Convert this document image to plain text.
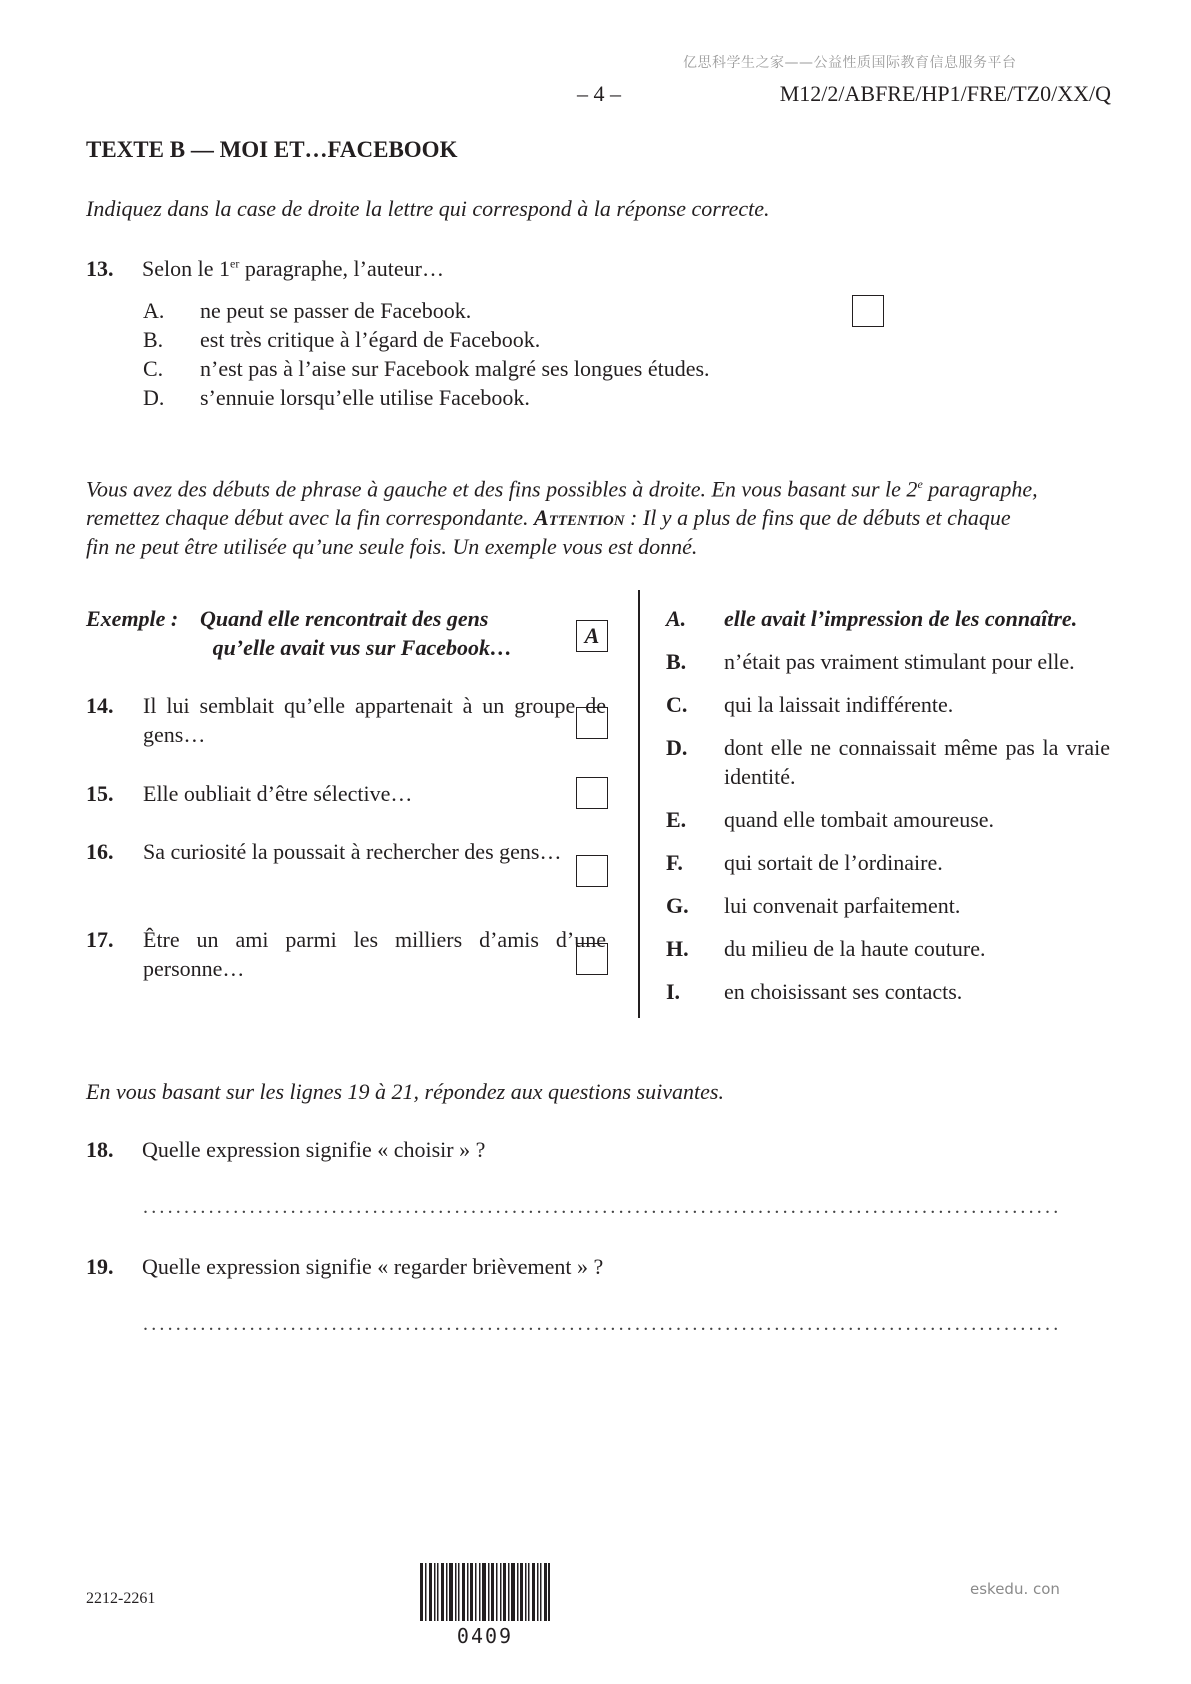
亿思科学生之家——公益性质国际教育信息服务平台
– 4 –	M12/2/ABFRE/HP1/FRE/TZ0/XX/Q
TEXTE B — MOI ET…FACEBOOK
Indiquez dans la case de droite la lettre qui correspond à la réponse correcte.
13. Selon le 1er paragraphe, l’auteur…
A.	ne peut se passer de Facebook.
B.	est très critique à l’égard de Facebook.
C.	n’est pas à l’aise sur Facebook malgré ses longues études.
D.	s’ennuie lorsqu’elle utilise Facebook.
Vous avez des débuts de phrase à gauche et des fins possibles à droite. En vous basant sur le 2e paragraphe,
remettez chaque début avec la fin correspondante. Attention : Il y a plus de fins que de débuts et chaque
fin ne peut être utilisée qu’une seule fois. Un exemple vous est donné.
Exemple : Quand elle rencontrait des gens
qu’elle avait vus sur Facebook…	A
14. Il lui semblait qu’elle appartenait à un groupe de gens…
15. Elle oubliait d’être sélective…
16. Sa curiosité la poussait à rechercher des gens…
17. Être un ami parmi les milliers d’amis d’une personne…
A. elle avait l’impression de les connaître.
B. n’était pas vraiment stimulant pour elle.
C. qui la laissait indifférente.
D. dont elle ne connaissait même pas la vraie identité.
E. quand elle tombait amoureuse.
F. qui sortait de l’ordinaire.
G. lui convenait parfaitement.
H. du milieu de la haute couture.
I. en choisissant ses contacts.
En vous basant sur les lignes 19 à 21, répondez aux questions suivantes.
18. Quelle expression signifie « choisir » ?
................................................................................................................
19. Quelle expression signifie « regarder brièvement » ?
................................................................................................................
2212-2261
0409
eskedu. con
